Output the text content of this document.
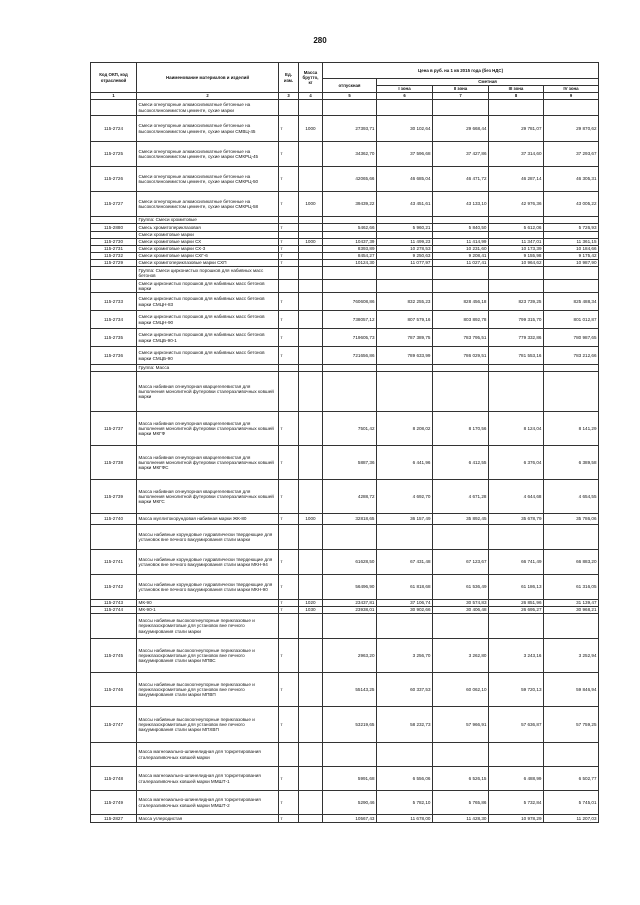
280
Код ОКП, код отраслевой	Наименование материалов и изделий	Ед. изм.	Масса брутто, кг	Цена в руб. на 1 кв 2015 года (без НДС)				
				отпускная	Сметная			
					I зона	II зона	III зона	IV зона
1	2	3	4	5	6	7	8	9
	Смеси огнеупорные алюмосиликатные бетонные на высокоглиноземистом цементе, сухие марки							
115-2724	Смеси огнеупорные алюмосиликатные бетонные на высокоглиноземистом цементе, сухие марки СМВЦ-45	т	1000	27393,71	30 102,64	29 668,44	29 781,07	29 870,62
115-2725	Смеси огнеупорные алюмосиликатные бетонные на высокоглиноземистом цементе, сухие марки СМКРЦ-45	т		34362,70	37 596,68	37 427,86	37 314,60	37 293,67
115-2726	Смеси огнеупорные алюмосиликатные бетонные на высокоглиноземистом цементе, сухие марки СМКРЦ-50	т		42065,66	46 685,04	46 471,72	46 287,14	46 305,31
115-2727	Смеси огнеупорные алюмосиликатные бетонные на высокоглиноземистом цементе, сухие марки СМКРЦ-58	т	1000	39439,22	43 451,61	43 133,10	42 976,36	43 005,22
	Группа: Смеси хромитовые							
115-2880	Смесь хромитопериклазовая	т		5462,66	5 960,21	5 840,50	5 612,06	5 726,93
	Смеси хромитовые марки							
115-2730	Смеси хромитовые марки СХ	т	1000	10437,39	11 499,23	11 414,99	11 347,01	11 361,15
115-2731	Смеси хромитовые марки СХ-3	т		8393,89	10 278,53	10 231,60	10 173,39	10 184,66
115-2732	Смеси хромитовые марки СХГ-6	т		8454,27	9 250,63	9 208,41	9 155,98	9 175,42
115-2729	Смеси хромитопериклазовые марки СХП	т		10124,30	11 077,97	11 027,41	10 964,62	10 987,90
	Группа: Смеси цирконистых порошков для набивных масс бетонов							
	Смеси цирконистых порошков для набивных масс бетонов марки							
115-2733	Смеси цирконистых порошков для набивных масс бетонов марки СМЦН-83	т		760608,86	832 255,23	828 456,18	823 739,25	825 488,34
115-2734	Смеси цирконистых порошков для набивных масс бетонов марки СМЦН-90	т		738057,12	807 579,16	803 892,78	799 315,70	801 012,87
115-2735	Смеси цирконистых порошков для набивных масс бетонов марки СМЦБ-90-1	т		719605,73	787 389,75	783 795,51	779 332,86	780 987,65
115-2736	Смеси цирконистых порошков для набивных масс бетонов марки СМЦБ-90	т		721656,86	789 633,99	786 029,51	781 553,16	783 212,66
	Группа: Масса							
	Масса набивная огнеупорная кварцегелевистая для выполнения монолитной футеровки сталеразливочных ковшей марки							
115-2737	Масса набивная огнеупорная кварцегелевистая для выполнения монолитной футеровки сталеразливочных ковшей марки МКГФ	т		7501,42	8 208,02	8 170,56	8 124,04	8 141,29
115-2738	Масса набивная огнеупорная кварцегелевистая для выполнения монолитной футеровки сталеразливочных ковшей марки МКГФС	т		5887,36	6 441,96	6 412,55	6 376,04	6 389,58
115-2739	Масса набивная огнеупорная кварцегелевистая для выполнения монолитной футеровки сталеразливочных ковшей марки МКГС	т		4288,72	4 692,70	4 671,28	4 644,68	4 654,55
115-2740	Масса муллитокорундовая набивная марки ЖК-80	т	1000	32818,65	36 157,49	35 892,45	35 678,79	35 786,06
	Массы набивные корундовые гидравлически твердеющие для установок вне печного вакуумирования стали марки							
115-2741	Массы набивные корундовые гидравлически твердеющие для установок вне печного вакуумирования стали марки МКН-94	т		61628,50	67 431,48	67 123,67	66 741,49	66 883,20
115-2742	Массы набивные корундовые гидравлически твердеющие для установок вне печного вакуумирования стали марки МКН-90	т		56496,90	61 818,68	61 536,49	61 186,13	61 316,05
115-2743	МК-90	т	1020	23437,81	37 106,74	30 574,83	26 851,96	31 139,47
115-2744	МК-90-1	т	1030	23938,01	30 902,66	30 406,48	26 695,27	30 968,21
	Массы набивные высокоогнеупорные периклазовые и периклазохромитовые для установок вне печного вакуумирования стали марки							
115-2745	Массы набивные высокоогнеупорные периклазовые и периклазохромитовые для установок вне печного вакуумирования стали марки МПВС	т		2963,20	3 256,70	3 262,80	3 243,16	3 252,94
115-2746	Массы набивные высокоогнеупорные периклазовые и периклазохромитовые для установок вне печного вакуумирования стали марки МПВП	т		55143,25	60 337,53	60 062,10	59 720,13	59 846,94
115-2747	Массы набивные высокоогнеупорные периклазовые и периклазохромитовые для установок вне печного вакуумирования стали марки МПХВП	т		53219,65	58 232,73	57 966,91	57 636,87	57 759,25
	Масса магнезиально-шпинелидная для торкретирования сталеразливочных ковшей марки							
115-2748	Масса магнезиально-шпинелидная для торкретирования сталеразливочных ковшей марки ММШТ-1	т		5991,68	6 556,06	6 526,15	6 488,99	6 502,77
115-2749	Масса магнезиально-шпинелидная для торкретирования сталеразливочных ковшей марки ММШТ-2	т		5290,46	5 782,10	5 765,86	5 732,84	5 745,01
115-2827	Масса углеродистая	т		10567,43	11 678,00	11 428,30	10 978,29	11 207,03
